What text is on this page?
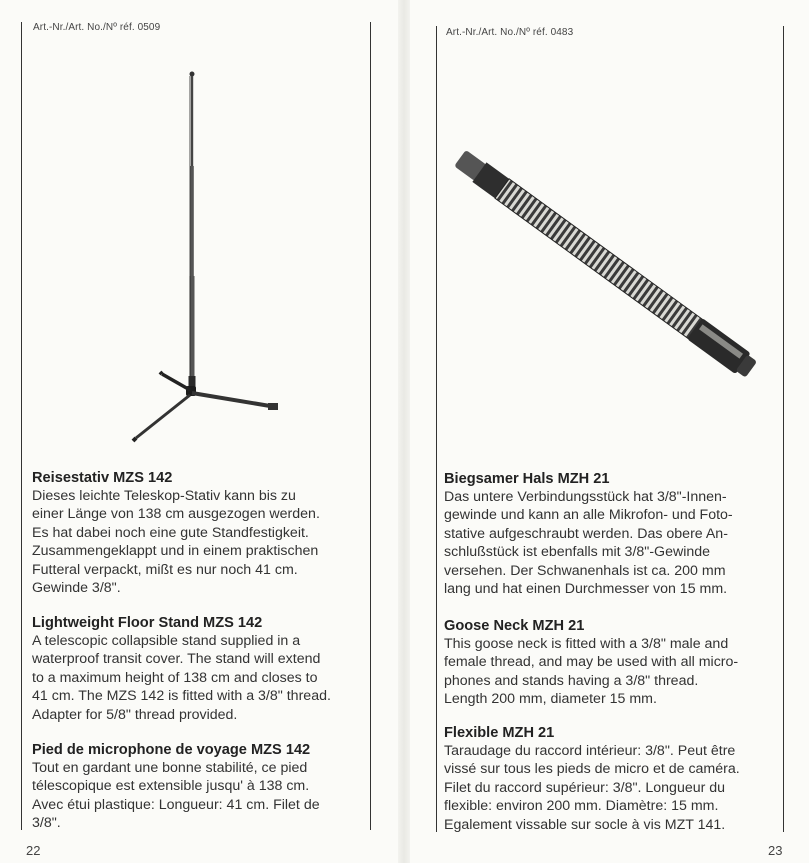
Art.-Nr./Art. No./Nº réf. 0509
Reisestativ MZS 142

Dieses leichte Teleskop-Stativ kann bis zu

einer Länge von 138 cm ausgezogen werden.

Es hat dabei noch eine gute Standfestigkeit.

Zusammengeklappt und in einem praktischen

Futteral verpackt, mißt es nur noch 41 cm.

Gewinde 3/8".

Lightweight Floor Stand MZS 142

A telescopic collapsible stand supplied in a

waterproof transit cover. The stand will extend

to a maximum height of 138 cm and closes to

41 cm. The MZS 142 is fitted with a 3/8" thread.

Adapter for 5/8" thread provided.

Pied de microphone de voyage MZS 142

Tout en gardant une bonne stabilité, ce pied

télescopique est extensible jusqu' à 138 cm.

Avec étui plastique: Longueur: 41 cm. Filet de

3/8".

22
Art.-Nr./Art. No./Nº réf. 0483
Biegsamer Hals MZH 21

Das untere Verbindungsstück hat 3/8"-Innen-

gewinde und kann an alle Mikrofon- und Foto-

stative aufgeschraubt werden. Das obere An-

schlußstück ist ebenfalls mit 3/8"-Gewinde

versehen. Der Schwanenhals ist ca. 200 mm

lang und hat einen Durchmesser von 15 mm.

Goose Neck MZH 21

This goose neck is fitted with a 3/8" male and

female thread, and may be used with all micro-

phones and stands having a 3/8" thread.

Length 200 mm, diameter 15 mm.

Flexible MZH 21

Taraudage du raccord intérieur: 3/8". Peut être

vissé sur tous les pieds de micro et de caméra.

Filet du raccord supérieur: 3/8". Longueur du

flexible: environ 200 mm. Diamètre: 15 mm.

Egalement vissable sur socle à vis MZT 141.

23
